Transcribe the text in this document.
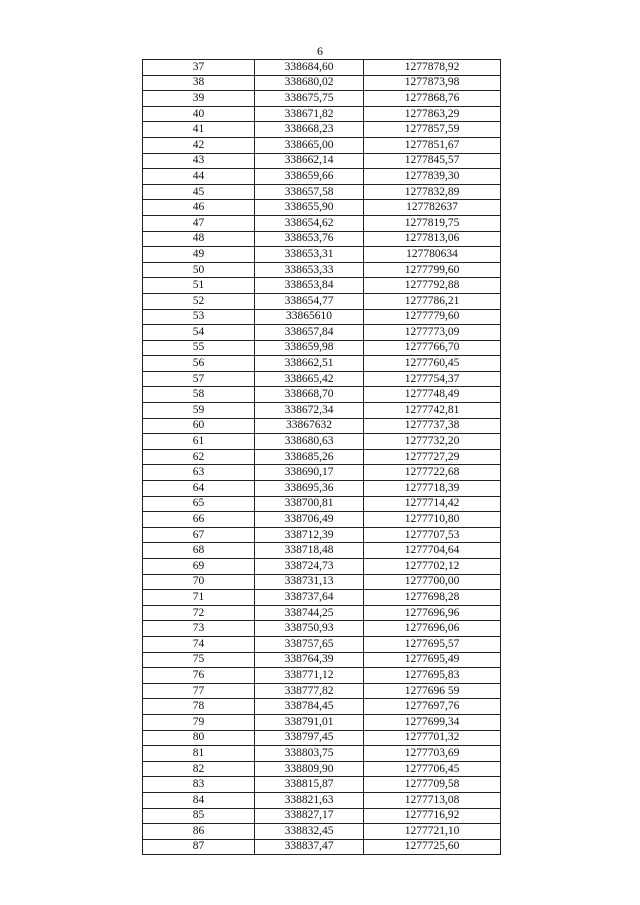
6
37	338684,60	1277878,92
38	338680,02	1277873,98
39	338675,75	1277868,76
40	338671,82	1277863,29
41	338668,23	1277857,59
42	338665,00	1277851,67
43	338662,14	1277845,57
44	338659,66	1277839,30
45	338657,58	1277832,89
46	338655,90	127782637
47	338654,62	1277819,75
48	338653,76	1277813,06
49	338653,31	127780634
50	338653,33	1277799,60
51	338653,84	1277792,88
52	338654,77	1277786,21
53	33865610	1277779,60
54	338657,84	1277773,09
55	338659,98	1277766,70
56	338662,51	1277760,45
57	338665,42	1277754,37
58	338668,70	1277748,49
59	338672,34	1277742,81
60	33867632	1277737,38
61	338680,63	1277732,20
62	338685,26	1277727,29
63	338690,17	1277722,68
64	338695,36	1277718,39
65	338700,81	1277714,42
66	338706,49	1277710,80
67	338712,39	1277707,53
68	338718,48	1277704,64
69	338724,73	1277702,12
70	338731,13	1277700,00
71	338737,64	1277698,28
72	338744,25	1277696,96
73	338750,93	1277696,06
74	338757,65	1277695,57
75	338764,39	1277695,49
76	338771,12	1277695,83
77	338777,82	1277696 59
78	338784,45	1277697,76
79	338791,01	1277699,34
80	338797,45	1277701,32
81	338803,75	1277703,69
82	338809,90	1277706,45
83	338815,87	1277709,58
84	338821,63	1277713,08
85	338827,17	1277716,92
86	338832,45	1277721,10
87	338837,47	1277725,60
